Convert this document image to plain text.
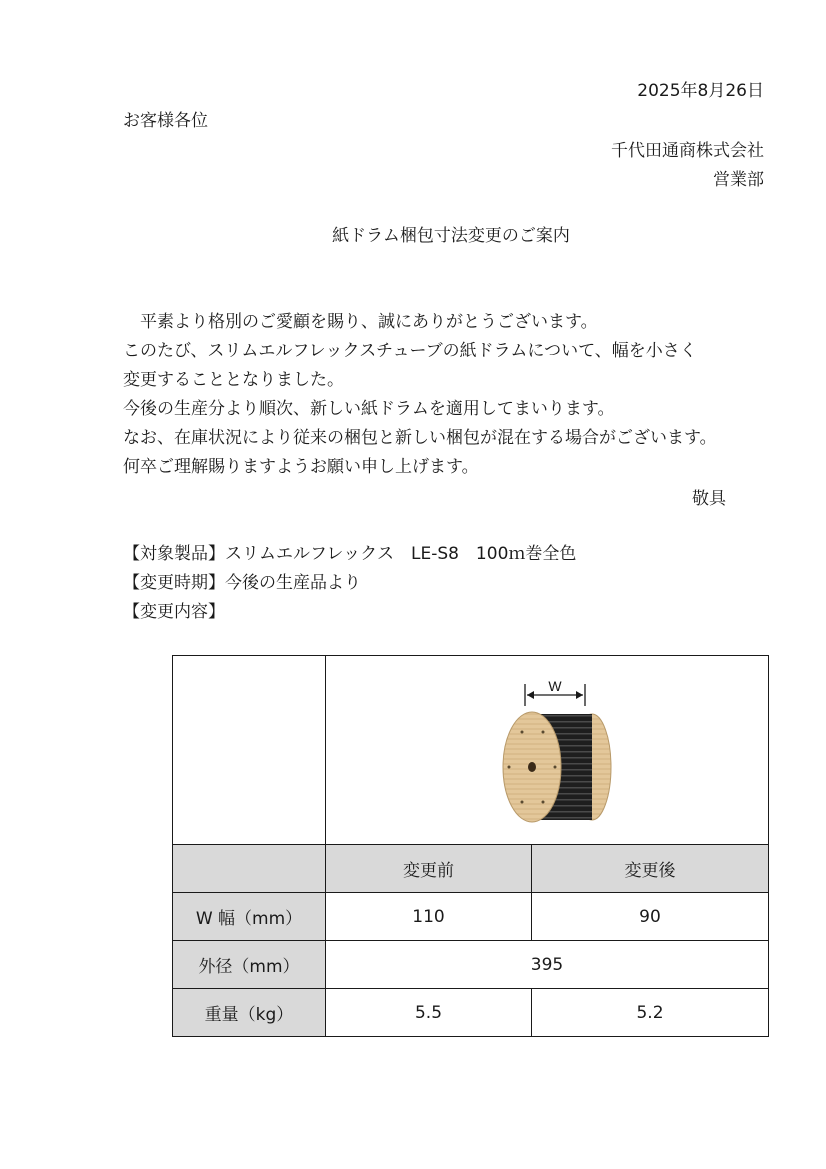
2025年8月26日
お客様各位
千代田通商株式会社
営業部
紙ドラム梱包寸法変更のご案内
　平素より格別のご愛顧を賜り、誠にありがとうございます。
このたび、スリムエルフレックスチューブの紙ドラムについて、幅を小さく
変更することとなりました。
今後の生産分より順次、新しい紙ドラムを適用してまいります。
なお、在庫状況により従来の梱包と新しい梱包が混在する場合がございます。
何卒ご理解賜りますようお願い申し上げます。
敬具
【対象製品】スリムエルフレックス　LE-S8　100ｍ巻全色
【変更時期】今後の生産品より
【変更内容】

W	

	変更前	変更後
W 幅（mm）	110	90
外径（mm）	395	
重量（kg）	5.5	5.2
